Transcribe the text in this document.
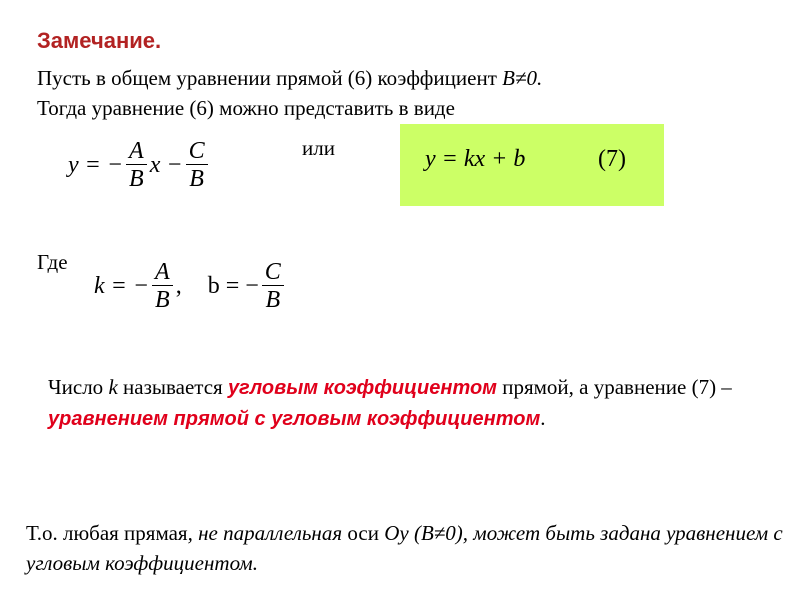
Замечание.
Пусть в общем уравнении прямой (6) коэффициент B≠0.
Тогда уравнение (6) можно представить в виде
y = − $\frac{A}{B}$ $x - \frac{C}{B}$	или	y = kx + b	(7)
Где
k = − $\frac{A}{B}$ , b = − $\frac{C}{B}$
Число k называется угловым коэффициентом прямой, а уравнение (7) – уравнением прямой с угловым коэффициентом.
Т.о. любая прямая, не параллельная оси Oy (B≠0), может быть задана уравнением с угловым коэффициентом.
